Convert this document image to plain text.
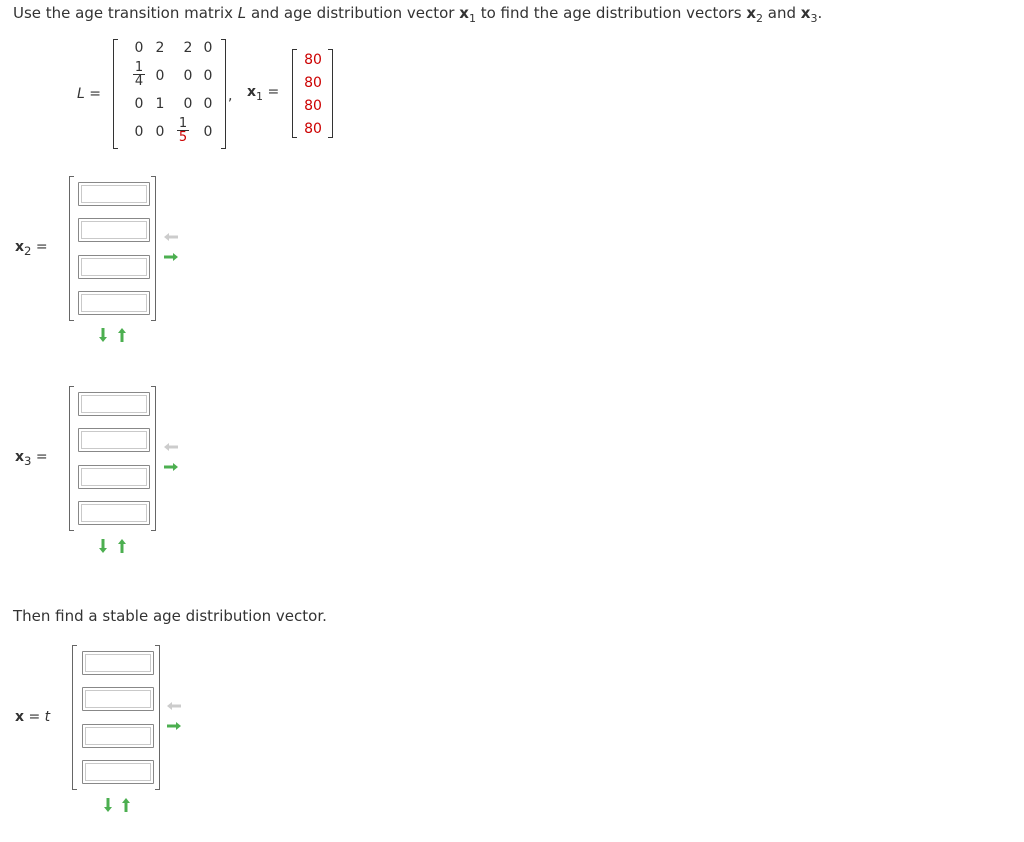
Use the age transition matrix L and age distribution vector $x_1$ to find the age distribution vectors $x_2$ and $x_3$.
L =
0 2	2 0
$\frac{1}{4} 0$	0 0
0 1	0 0
0 $0 \frac{1}{5} 0$
, $x_1$ =
80
80
80
80
$x_2$ =
$x_3$ =
Then find a stable age distribution vector.
x = t
